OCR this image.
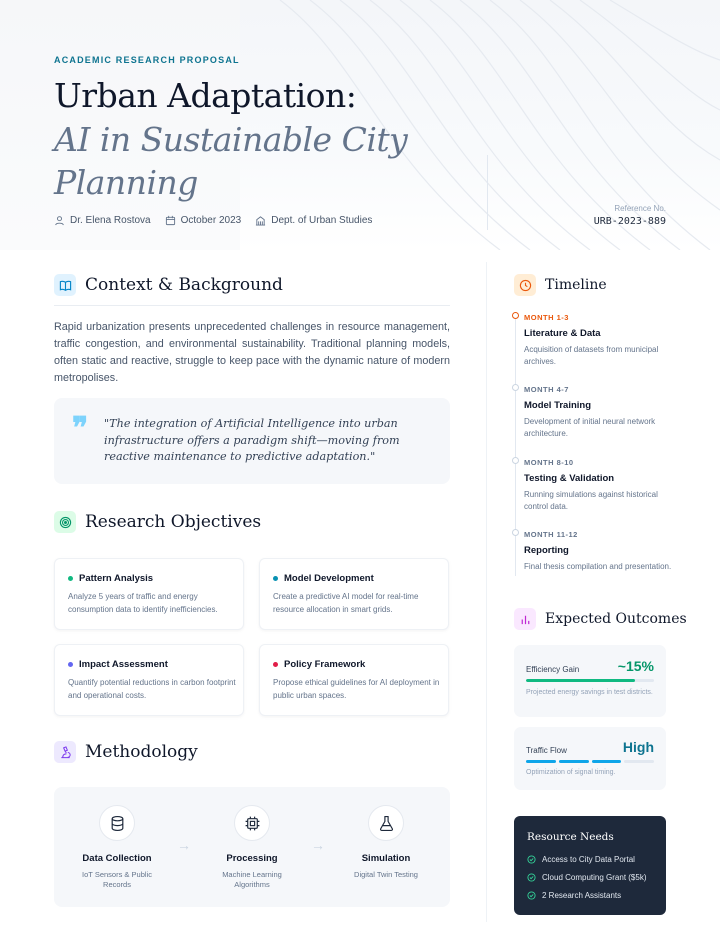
ACADEMIC RESEARCH PROPOSAL
Urban Adaptation:
AI in Sustainable City Planning
Dr. Elena Rostova	October 2023	Dept. of Urban Studies
Reference No.
URB-2023-889
Context & Background
Rapid urbanization presents unprecedented challenges in resource management, traffic congestion, and environmental sustainability. Traditional planning models, often static and reactive, struggle to keep pace with the dynamic nature of modern metropolises.
❞ "The integration of Artificial Intelligence into urban infrastructure offers a paradigm shift—moving from reactive maintenance to predictive adaptation."
Research Objectives
Pattern Analysis
Analyze 5 years of traffic and energy consumption data to identify inefficiencies.
Model Development
Create a predictive AI model for real-time resource allocation in smart grids.
Impact Assessment
Quantify potential reductions in carbon footprint and operational costs.
Policy Framework
Propose ethical guidelines for AI deployment in public urban spaces.
Methodology
Data Collection
IoT Sensors & Public Records
→
Processing
Machine Learning Algorithms
→
Simulation
Digital Twin Testing
Timeline
MONTH 1-3
Literature & Data
Acquisition of datasets from municipal archives.
MONTH 4-7
Model Training
Development of initial neural network architecture.
MONTH 8-10
Testing & Validation
Running simulations against historical control data.
MONTH 11-12
Reporting
Final thesis compilation and presentation.
Expected Outcomes
Efficiency Gain	~15%
Projected energy savings in test districts.
Traffic Flow	High
Optimization of signal timing.
Resource Needs
Access to City Data Portal
Cloud Computing Grant ($5k)
2 Research Assistants
